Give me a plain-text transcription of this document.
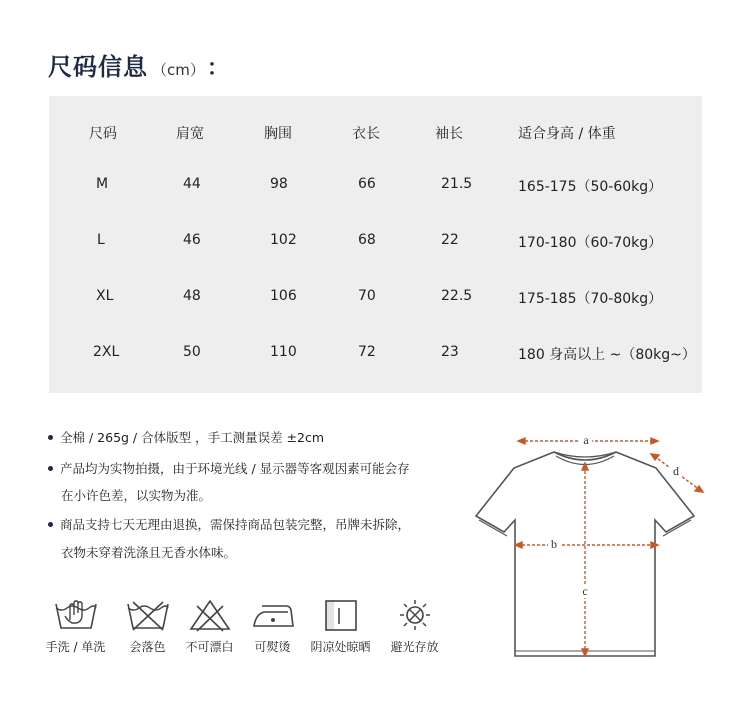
尺码信息 （cm） ：
尺码	肩宽	胸围	衣长	袖长	适合身高 / 体重
M	44	98	66	21.5	165-175（50-60kg）
L	46	102	68	22	170-180（60-70kg）
XL	48	106	70	22.5	175-185（70-80kg）
2XL	50	110	72	23	180 身高以上 ~（80kg~）
全棉 / 265g / 合体版型 ，手工测量误差 ±2cm
产品均为实物拍摄，由于环境光线 / 显示器等客观因素可能会存
在小许色差，以实物为准。
商品支持七天无理由退换，需保持商品包装完整，吊牌未拆除，
衣物未穿着洗涤且无香水体味。
手洗 / 单洗	会落色	不可漂白	可熨烫	阴凉处晾晒	避光存放
a
b
c
d
